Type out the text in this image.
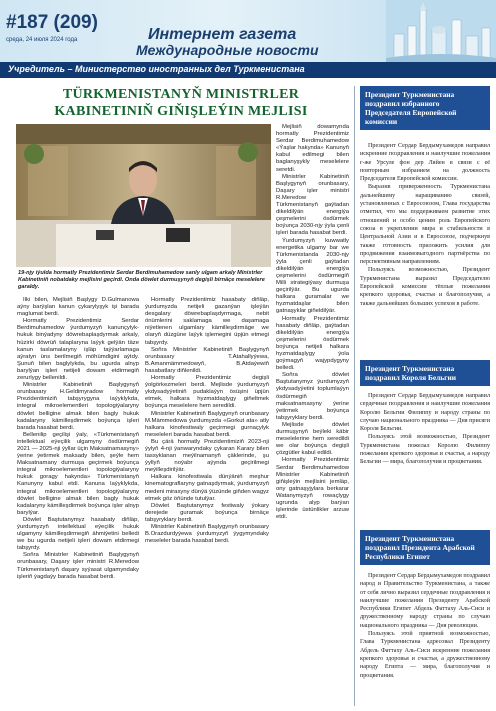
#187 (209)
среда, 24 июля 2024 года	Интернет газета
Международные новости
Учредитель – Министерство иностранных дел Туркменистана
TÜRKMENISTANYŇ MINISTRLER
KABINETINIŇ GIŇIŞLEÝIN MEJLISI
19-njy iýulda hormatly Prezidentimiz Serdar Berdimuhamedow sanly ulgam arkaly Ministrler Kabinetiniň nobatdaky mejlisini geçirdi. Onda döwlet durmuşynyň degişli birnäçe meselelere garaldy.

Ilki bilen, Mejlisiň Başlygy D.Gulmanowa aýny barýşlan kanun çykarylyşyk işi barada maglumat berdi.

Hormatly Prezidentimiz Serdar Berdimuhamedow ýurdumyzyň kanunçylyk-hukuk binýadyny döwrebaplaşdyrmak arkaly, hüzirki döwrüň talaplaryna laýyk gelýän täze kanun taslamalaryny işläp taýýarlamaga aýratyn üns berilmegiň möhümdigini aýtdy. Şunuň bilen baglylykda, bu ugurda alnyp barylýan işleri netijeli dowam etdirmegiň zerurlygy bellenildi.

Ministrler Kabinetiniň Başlygynyň orunbasary H.Geldimyradow hormatly Prezidentimiziň tabşyrygyna laýyklykda, integral mikroelementleri topologiýalaryny döwlet belligine almak bilen bagly hukuk kadalaryny kämilleşdirmek boýunça işleri barada hasabat berdi.

Bellenilip geçilişi ýaly, «Türkmenistanyň intellektual eýeçilik ulgamyny ösdürmegiň 2021 — 2025-nji ýyllar üçin Maksatnamasyny» ýerine ýetirmek maksady bilen, şeýle hem Maksatnamany durmuşa geçirmek boýunça integral mikroelementleri topologiýalaryny hukuk goragy hakynda» Türkmenistanyň Kanunyny kabul etdi. Kanuna laýyklykda, integral mikroelementleri topologiýalaryny döwlet belligine almak bilen bagly hukuk kadalaryny kämilleşdirmek boýunça işler alnyp barylýar.

Döwlet Baştutanymyz hasabaty diňläp, ýurdumyzyň intellektual eýeçilik hukuk ulgamyny kämilleşdirmegiň ähmiýetini belledi we bu ugurda netijeli işleri dowam etdirmegi tabşyrdy.

Soňra Ministrler Kabinetiniň Başlygynyň orunbasary, Daşary işler ministri R.Meredow Türkmenistanyň daşary syýasat ulgamyndaky işleriň ýagdaýy barada hasabat berdi.

Hormatly Prezidentimiz hasabaty diňläp, ýurdumyzda netijeli gazanýan işleýän desgalary döwrebaplaşdyrmaga, nebit önümlerini saklamaga we daşamaga niýetlenen ulgamlary kämilleşdirmäge we olaryň düzgüne laýyk işlemegini üpjün etmegi tabşyrdy.

Soňra Ministrler Kabinetiniň Başlygynyň orunbasary T.Atahallyýewa, B.Amanmämmedowyň, B.Atdaýewiň hasabatlary diňlenildi.

Hormatly Prezidentimiz degişli ýolgörkezmeleri berdi. Mejlisde ýurdumyzyň ykdysadyýetiniň pudaklaýyn ösüşini üpjün etmek, halkara hyzmatdaşlygy giňeltmek boýunça meselelere hem seredildi.

Ministrler Kabinetiniň Başlygynyň orunbasary M.Mämmedowa ýurdumyzda «Gorkut ata» atly halkara kinofestiwaly geçirmegi gurnaçylyk meseleleri barada hasabat berdi.

Bu çärä hormatly Prezidentimiziň 2023-nji ýylyň 4-nji ýanwaryndaky çykaran Karary bilen tassyklanan meýilnamanyň çäklerinde, şu ýyllyň noýabr aýynda geçirilmegi meýilleşdirilýär.

Halkara kinofestiwala dünýäniň meşhur kinematograflaryny gatnaşdyrmak, ýurdumyzyň medeni mirasyny dünýä ýüzünde giňden wagyz etmek göz öňünde tutulýar.

Döwlet Baştutanymyz festiwaly ýokary derejede guramak boýunça birnäçe tabşyryklary berdi.

Ministrler Kabinetiniň Başlygynyň orunbasary B.Orazdurdyýewa ýurdumyzyň ýygymyndaky meseleler barada hasabat berdi.

Mejlisiň dowamynda hormatly Prezidentimiz Serdar Berdimuhamedow «Ýaşlar hakynda» Kanunyň kabul edilmegi bilen baglanyşykly meselelere seretdi.

Ministrler Kabinetiniň Başlygynyň orunbasary, Daşary işler ministri R.Meredow Türkmenistanyň gaýtadan dikeldilýän energiýa çeşmelerini ösdürmek boýunça 2030-njy ýyla çenli işleri barada hasabat berdi.

Ýurdumyzyň kuwwatly energetika ulgamy bar we Türkmenistanda 2030-njy ýyla çenli gaýtadan dikeldilýän energiýa çeşmelerini ösdürmegiň Milli strategiýasy durmuşa geçirilýär. Bu ugurda halkara guramalar we hyzmatdaşlar bilen gatnaşyklar giňeldilýär.

Hormatly Prezidentimiz hasabaty diňläp, gaýtadan dikeldilýän energiýa çeşmelerini ösdürmek boýunça netijeli halkara hyzmatdaşlygy ýola goýmagyň wajypdygyny belledi.

Soňra döwlet Baştutanymyz ýurdumyzyň ykdysadyýetini toplumlaýyn ösdürmegiň maksatnamasyny ýerine ýetirmek boýunça tabşyryklary berdi.

Mejlisde döwlet durmuşynyň beýleki käbir meselelerine hem seredildi we olar boýunça degişli çözgütler kabul edildi.

Hormatly Prezidentimiz Serdar Berdimuhamedow Ministrler Kabinetiniň giňişleýin mejlisini jemläp, ony gatnaşyjylara berkarar Watanymyzyň rowaçlygy ugrunda alyp barýan işlerinde üstünlikler arzuw etdi.

Президент Туркменистана поздравил избранного Председателя Европейской комиссии

Президент Сердар Бердымухамедов направил искренние поздравления и наилучшие пожелания г-же Урсуле фон дер Ляйен в связи с её повторным избранием на должность Председателя Европейской комиссии.

Выразив приверженность Туркменистана дальнейшему наращиванию связей, установленных с Евросоюзом, Глава государства отметил, что мы поддерживаем развитие этих отношений и особо ценим роль Европейского союза в укреплении мира и стабильности в Центральной Азии и в Евросоюзе, подчеркнув также готовность приложить усилия для продвижения взаимовыгодного партнёрства по перспективным направлениям.

Пользуясь возможностью, Президент Туркменистана выразил Председателю Европейской комиссии тёплые пожелания крепкого здоровья, счастья и благополучия, а также дальнейших больших успехов в работе.

Президент Туркменистана поздравил Короля Бельгии

Президент Сердар Бердымухамедов направил сердечные поздравления и наилучшие пожелания Королю Бельгии Филиппу и народу страны по случаю национального праздника — Дня присяги Короля Бельгии.

Пользуясь этой возможностью, Президент Туркменистана пожелал Королю Филиппу пожелания крепкого здоровья и счастья, а народу Бельгии — мира, благополучия и процветания.

Президент Туркменистана поздравил Президента Арабской Республики Египет

Президент Сердар Бердымухамедов поздравил народ и Правительство Туркменистана, а также от себя лично выразил сердечные поздравления и наилучшие пожелания Президенту Арабской Республики Египет Абдель Фаттаху Аль-Сиси и дружественному народу страны по случаю национального праздника — Дня революции.

Пользуясь этой приятной возможностью, Глава Туркменистана адресовал Президенту Абдель Фаттаху Аль-Сиси искренние пожелания крепкого здоровья и счастья, а дружественному народу Египта — мира, благополучия и процветания.
